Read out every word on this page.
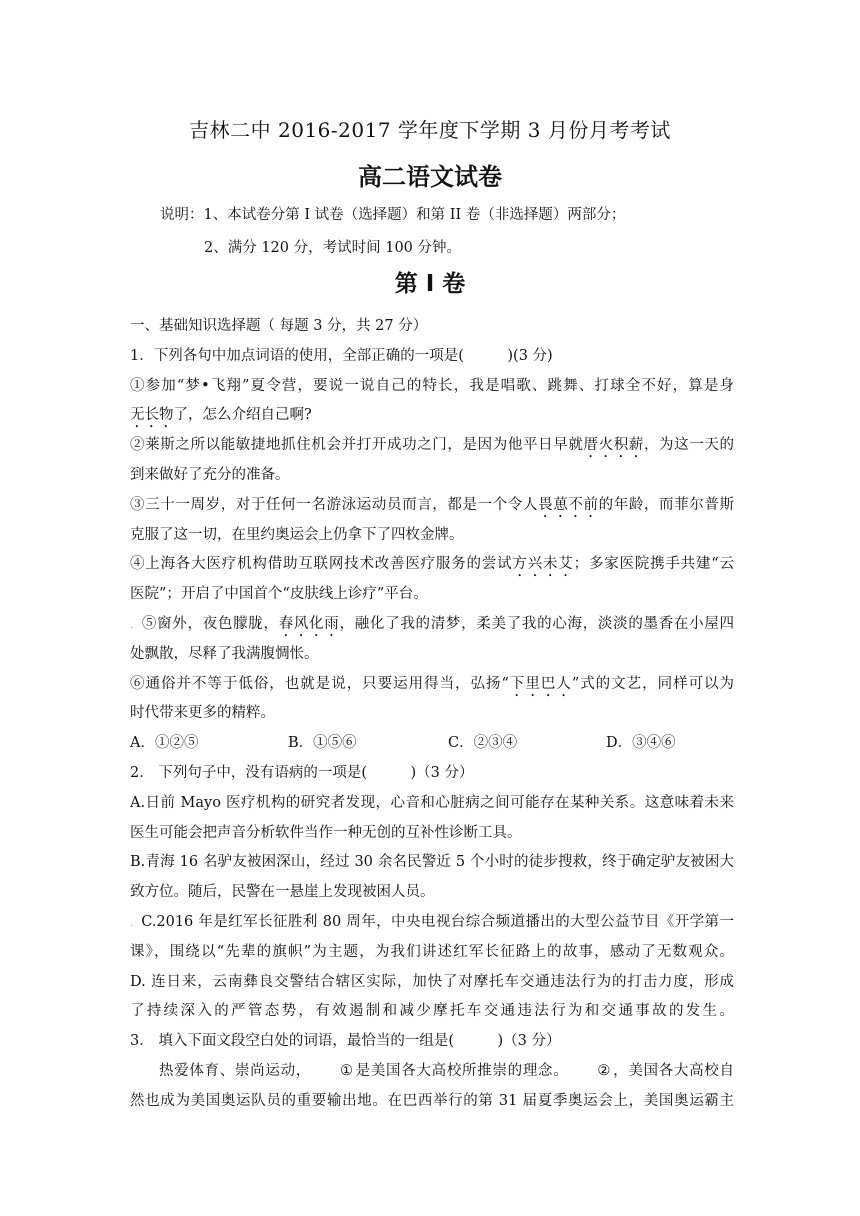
吉林二中 2016-2017 学年度下学期 3 月份月考考试
高二语文试卷
说明：1、本试卷分第 I 试卷（选择题）和第 II 卷（非选择题）两部分；
2、满分 120 分，考试时间 100 分钟。
第 I 卷
一、基础知识选择题（ 每题 3 分，共 27 分）
1．下列各句中加点词语的使用，全部正确的一项是(　　　)(3 分)
①参加“梦•飞翔”夏令营，要说一说自己的特长，我是唱歌、跳舞、打球全不好，算是身
无长物了，怎么介绍自己啊?
②莱斯之所以能敏捷地抓住机会并打开成功之门，是因为他平日早就厝火积薪，为这一天的
到来做好了充分的准备。
③三十一周岁，对于任何一名游泳运动员而言，都是一个令人畏葸不前的年龄，而菲尔普斯
克服了这一切，在里约奥运会上仍拿下了四枚金牌。
④上海各大医疗机构借助互联网技术改善医疗服务的尝试方兴未艾；多家医院携手共建“云
医院”；开启了中国首个“皮肤线上诊疗”平台。
. ⑤窗外，夜色朦胧，春风化雨，融化了我的清梦，柔美了我的心海，淡淡的墨香在小屋四
处飘散，尽释了我满腹惆怅。
⑥通俗并不等于低俗，也就是说，只要运用得当，弘扬“下里巴人”式的文艺，同样可以为
时代带来更多的精粹。
A．①②⑤	B．①⑤⑥	C．②③④	D．③④⑥
2． 下列句子中，没有语病的一项是(　　　)（3 分）
A.日前 Mayo 医疗机构的研究者发现，心音和心脏病之间可能存在某种关系。这意味着未来
医生可能会把声音分析软件当作一种无创的互补性诊断工具。
B.青海 16 名驴友被困深山，经过 30 余名民警近 5 个小时的徒步搜救，终于确定驴友被困大
致方位。随后，民警在一悬崖上发现被困人员。
. C.2016 年是红军长征胜利 80 周年，中央电视台综合频道播出的大型公益节目《开学第一
课》，围绕以“先辈的旗帜”为主题，为我们讲述红军长征路上的故事，感动了无数观众。
D. 连日来，云南彝良交警结合辖区实际，加快了对摩托车交通违法行为的打击力度，形成
了持续深入的严管态势，有效遏制和减少摩托车交通违法行为和交通事故的发生。
3． 填入下面文段空白处的词语，最恰当的一组是(　　　)（3 分）
热爱体育、崇尚运动， ① 是美国各大高校所推崇的理念。 ② ，美国各大高校自
然也成为美国奥运队员的重要输出地。在巴西举行的第 31 届夏季奥运会上，美国奥运霸主
